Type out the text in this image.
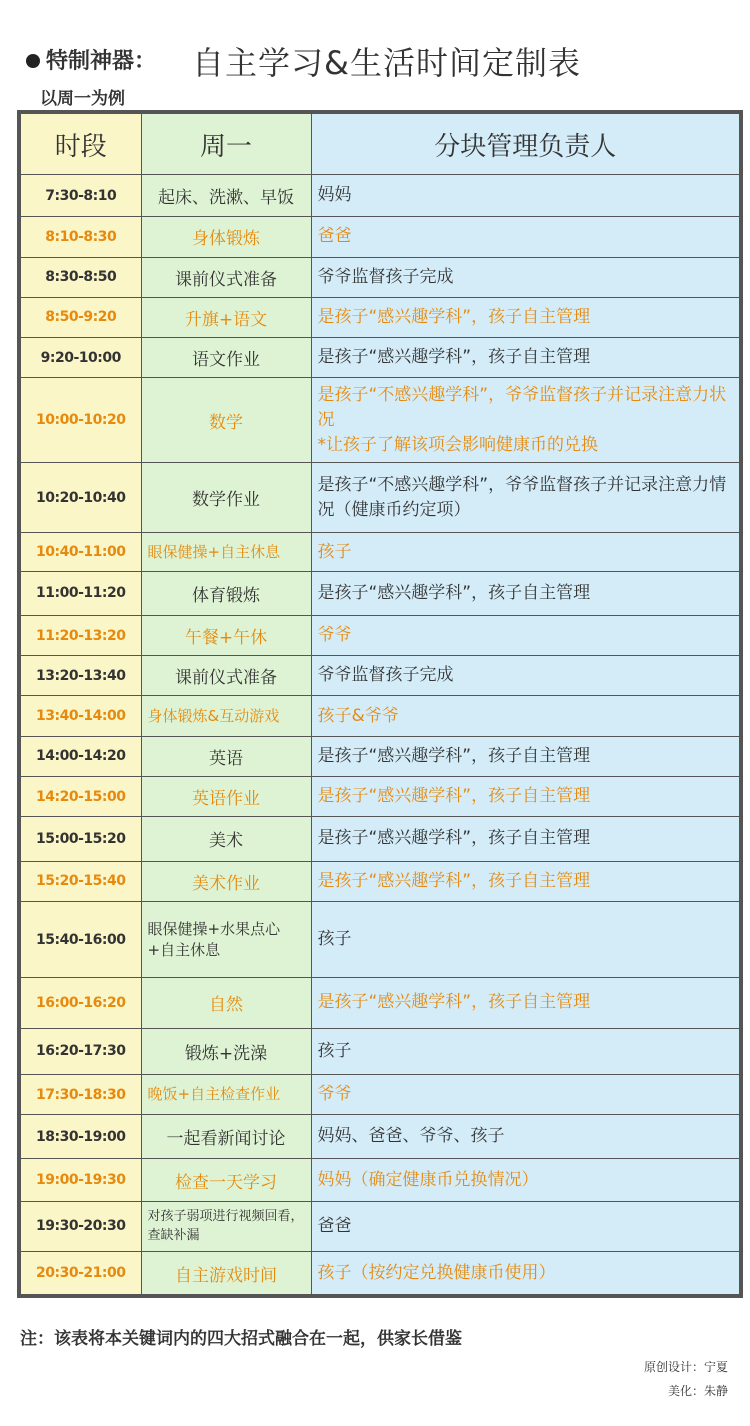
特制神器： 自主学习&生活时间定制表
以周一为例
时段	周一	分块管理负责人
7:30-8:10	起床、洗漱、早饭	妈妈
8:10-8:30	身体锻炼	爸爸
8:30-8:50	课前仪式准备	爷爷监督孩子完成
8:50-9:20	升旗+语文	是孩子“感兴趣学科”，孩子自主管理
9:20-10:00	语文作业	是孩子“感兴趣学科”，孩子自主管理
10:00-10:20	数学	是孩子“不感兴趣学科”，爷爷监督孩子并记录注意力状况
*让孩子了解该项会影响健康币的兑换

10:20-10:40	数学作业	是孩子“不感兴趣学科”，爷爷监督孩子并记录注意力情况（健康币约定项）
10:40-11:00	眼保健操+自主休息	孩子
11:00-11:20	体育锻炼	是孩子“感兴趣学科”，孩子自主管理
11:20-13:20	午餐+午休	爷爷
13:20-13:40	课前仪式准备	爷爷监督孩子完成
13:40-14:00	身体锻炼&互动游戏	孩子&爷爷
14:00-14:20	英语	是孩子“感兴趣学科”，孩子自主管理
14:20-15:00	英语作业	是孩子“感兴趣学科”，孩子自主管理
15:00-15:20	美术	是孩子“感兴趣学科”，孩子自主管理
15:20-15:40	美术作业	是孩子“感兴趣学科”，孩子自主管理
15:40-16:00	眼保健操+水果点心+自主休息	孩子
16:00-16:20	自然	是孩子“感兴趣学科”，孩子自主管理
16:20-17:30	锻炼+洗澡	孩子
17:30-18:30	晚饭+自主检查作业	爷爷
18:30-19:00	一起看新闻讨论	妈妈、爸爸、爷爷、孩子
19:00-19:30	检查一天学习	妈妈（确定健康币兑换情况）
19:30-20:30	对孩子弱项进行视频回看，查缺补漏	爸爸
20:30-21:00	自主游戏时间	孩子（按约定兑换健康币使用）
注：该表将本关键词内的四大招式融合在一起，供家长借鉴
原创设计：宁夏
美化：朱静
